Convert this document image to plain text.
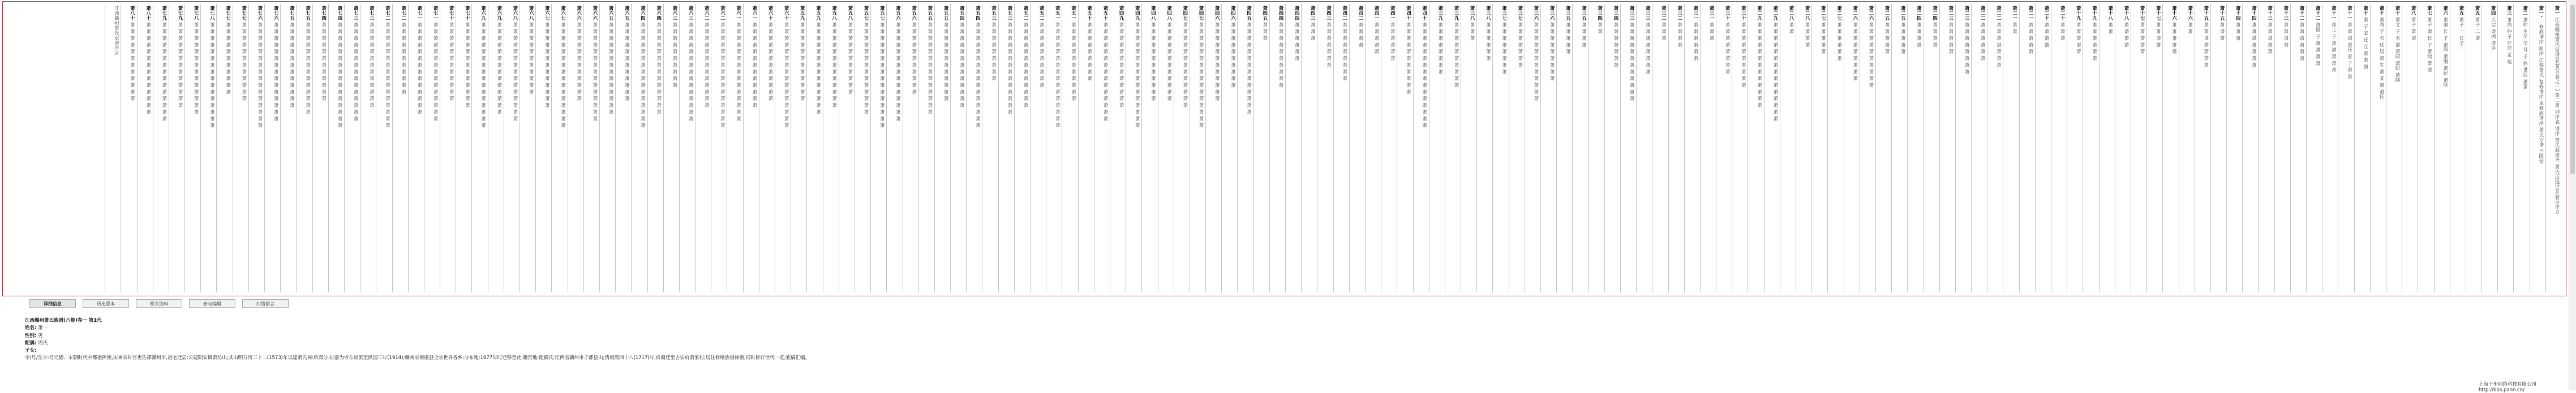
萧一 江西赣州萧氏家谱总卷(首卷之一)·第二册 列序表 谱序 萧氏源流考 萧氏迁徙世系卷首序言
萧一· 二修族谱序 原序 江都萧氏 复修谱序 重修族谱序 萧氏宗谱 兰陵堂
萧二 萧仲 生卒 字 号 子 孙 世居 萧家
萧三 萧周 仲子 迁居 某 地
萧四 大宗 谱例 谱序
萧五 萧子 二 谱
萧五 萧子 一 长子 ·
萧六 萧纲 长 子 萧绎 萧纲 萧纪 萧续
萧七 萧子 谱 长 子 萧续 萧 谱
萧八 萧子 萧 谱
萧十 萧文 子 名 谱 萧昭 萧纪 萧续
萧十 萧秀 字 名 迁 居 萧 生 萧 某 萧 萧氏
萧十 萧 子 家 迁 江 萧 萧 谱
萧十一 萧 萧 谱 萧氏 家 子 萧 萧
萧十一 萧士 子 萧 谱 萧 萧 萧
萧十二 萧谱 子 萧 萧 萧 萧
萧十二 萧 萧 谱 萧 萧 萧
萧十三 萧 萧 谱 萧
萧十三 萧 萧 谱 萧 萧
萧十四 萧 萧 谱 萧 萧 萧 萧
萧十四 萧 萧 萧
萧十五 萧 谱 萧
萧十五 萧 萧 谱 萧 萧 萧 萧
萧十六 萧 萧
萧十六 萧 萧 萧 萧 谱
萧十七 萧 萧 谱 萧
萧十七 萧 萧 萧 萧 萧
萧十八 萧 谱 萧 萧
萧十八 萧 萧
萧十九 萧 萧 萧 萧 萧 萧
萧十九 萧 萧 萧 谱 萧
萧二十 萧 萧 萧
萧二十 萧 萧 萧 谱
萧二一 萧 萧 萧 萧 萧
萧二一 萧 萧
萧二二 萧 萧 萧 谱 萧 萧 萧
萧二二 萧 萧 萧 萧 萧 萧
萧二三 萧 萧 萧 萧 萧 萧 萧 萧
萧二三 萧 萧 萧 萧 萧
萧二四 萧 萧 萧 萧
萧二四 萧 萧 萧 谱
萧二五 萧 萧 萧 萧 萧
萧二五 萧 萧 萧 萧 萧
萧二六 萧 萧 萧 萧 萧 萧 萧 萧 萧 萧
萧二六 萧 萧 萧 萧 萧 萧 萧 萧 萧
萧二七 萧 萧 萧 萧 萧 萧
萧二七 萧 萧 萧 萧 萧
萧二八 萧 萧 萧 萧
萧二八 萧 萧
萧二九 萧 萧 萧 萧 萧 萧 萧 萧 萧 萧 萧 萧 萧 萧 萧
萧二九 萧 萧 萧 萧 萧 萧 萧 萧 萧 萧 萧 萧 萧
萧三十 萧 萧 萧 萧 萧 萧 萧 萧 萧 萧
萧三十 萧 萧 萧 萧 萧 萧 萧 萧
萧三一 萧 萧 萧
萧三一 萧 萧 萧 萧 萧 萧
萧三二 萧 萧 萧 萧
萧三二 萧 萧 萧
萧三三 萧 萧 萧 萧 萧 萧 萧 萧
萧三三 萧 萧 萧 萧 萧 萧 萧 萧 萧 萧 萧 萧
萧三四 萧 萧 萧 萧 萧 萧 萧
萧三四 萧 萧
萧三五 萧 萧 萧 萧
萧三五 萧 萧 萧 萧 萧
萧三六 萧 萧 萧 萧 萧 萧 萧 萧 萧
萧三六 萧 萧 萧 萧 萧 萧 萧 萧 萧 萧 萧 萧
萧三七 萧 萧 萧 萧 萧 萧 萧
萧三七 萧 萧 萧 萧 萧 萧 萧 萧
萧三八 萧 萧 萧 萧 萧 萧
萧三八 萧 萧 萧
萧三九 萧 萧 萧 萧 萧 萧 萧 萧 萧 萧
萧三九 萧 萧 萧 萧 萧 萧 萧 萧
萧四十 萧 萧 萧 萧 萧 萧 萧 萧 萧 萧 萧 萧 萧 萧 萧 萧
萧四十 萧 萧 萧 萧 萧 萧 萧 萧 萧 萧 萧
萧四一 萧 萧 萧 萧 萧 萧
萧四一 萧 萧 萧 萧 萧
萧四二 萧 萧 萧 萧
萧四二 萧 萧 萧 萧 萧 萧 萧 萧 萧
萧四三 萧 萧 萧 萧 萧 萧 萧
萧四三 萧 萧 萧
萧四四 萧 萧 萧 萧 萧 萧
萧四四 萧 萧 萧 萧 萧 萧 萧 萧 萧 萧
萧四五 萧 萧 萧
萧四五 萧 萧 萧 萧 萧 萧 萧 萧 萧 萧 萧 萧 萧 萧
萧四六 萧 萧 萧 萧 萧 萧 萧 萧 萧 萧
萧四六 萧 萧 萧 萧 萧 萧 萧 萧 萧 萧 萧 萧
萧四七 萧 萧 萧 萧 萧 萧 萧 萧 萧 萧 萧 萧 萧 萧 萧 萧
萧四七 萧 萧 萧 萧 萧 萧 萧 萧 萧 萧 萧 萧 萧
萧四八 萧 萧 萧 萧 萧 萧 萧 萧 萧 萧 萧 萧
萧四八 萧 萧 萧 萧 萧 萧 萧 萧 萧 萧 萧 萧
萧四九 萧 萧 萧 萧 萧 萧 萧 萧 萧 萧 萧 萧 萧 萧 萧 萧
萧四九 萧 萧 萧 萧 萧 萧 萧 萧 萧 萧 萧 萧 萧
萧五十 萧 萧 萧 萧 萧 萧 萧 萧 萧 萧 萧 萧 萧 萧 萧
萧五十 萧 萧 萧 萧 萧 萧 萧 萧 萧
萧五一 萧 萧 萧 萧 萧 萧 萧 萧 萧 萧 萧 萧
萧五一 萧 萧 萧 萧 萧 萧 萧 萧 萧 萧 萧 萧 萧 萧 萧 萧
萧五二 萧 萧 萧 萧 萧 萧 萧 萧 萧 萧
萧五二 萧 萧 萧 萧 萧 萧 萧 萧 萧 萧 萧 萧 萧
萧五三 萧 萧 萧 萧 萧 萧 萧 萧 萧 萧 萧 萧 萧 萧
萧五三 萧 萧 萧 萧 萧 萧 萧 萧 萧
萧五四 萧 萧 萧 萧 萧 萧 萧 萧 萧 萧 萧 萧 萧 萧 萧 萧
萧五四 萧 萧 萧 萧 萧 萧 萧 萧 萧 萧 萧 萧 萧
萧五五 萧 萧 萧 萧 萧 萧 萧 萧 萧 萧 萧 萧
萧五五 萧 萧 萧 萧 萧 萧 萧 萧 萧 萧 萧 萧 萧 萧
萧五六 萧 萧 萧 萧 萧 萧 萧 萧 萧 萧 萧
萧五六 萧 萧 萧 萧 萧 萧 萧 萧 萧 萧 萧 萧 萧 萧 萧
萧五七 萧 萧 萧 萧 萧 萧 萧 萧 萧 萧 萧 萧 萧 萧 萧 萧
萧五七 萧 萧 萧 萧 萧 萧 萧 萧 萧 萧 萧 萧 萧 萧
萧五八 萧 萧 萧 萧 萧 萧 萧 萧 萧 萧 萧
萧五八 萧 萧 萧 萧 萧 萧 萧 萧 萧 萧 萧 萧 萧
萧五九 萧 萧 萧 萧 萧 萧 萧 萧 萧 萧 萧 萧 萧 萧
萧五九 萧 萧 萧 萧 萧 萧 萧 萧 萧 萧 萧 萧
萧六十 萧 萧 萧 萧 萧 萧 萧 萧 萧 萧 萧 萧 萧 萧 萧 萧
萧六十 萧 萧 萧 萧 萧 萧 萧 萧 萧 萧 萧 萧
萧六一 萧 萧 萧 萧 萧 萧 萧 萧 萧 萧 萧 萧 萧
萧六一 萧 萧 萧 萧 萧 萧 萧 萧 萧 萧 萧 萧 萧 萧 萧
萧六二 萧 萧 萧 萧 萧 萧 萧 萧 萧 萧 萧 萧 萧 萧 萧 萧
萧六二 萧 萧 萧 萧 萧 萧 萧 萧 萧 萧 萧 萧 萧
萧六三 萧 萧 萧 萧 萧 萧 萧 萧 萧 萧 萧 萧 萧 萧 萧
萧六三 萧 萧 萧 萧 萧 萧 萧 萧 萧 萧
萧六四 萧 萧 萧 萧 萧 萧 萧 萧 萧 萧 萧 萧 萧 萧
萧六四 萧 萧 萧 萧 萧 萧 萧 萧 萧 萧 萧 萧 萧 萧 萧 萧
萧六五 萧 萧 萧 萧 萧 萧 萧 萧 萧 萧 萧 萧
萧六五 萧 萧 萧 萧 萧 萧 萧 萧 萧 萧 萧 萧 萧 萧
萧六六 萧 萧 萧 萧 萧 萧 萧 萧 萧 萧 萧 萧 萧 萧 萧
萧六六 萧 萧 萧 萧 萧 萧 萧 萧 萧 萧 萧 萧
萧六七 萧 萧 萧 萧 萧 萧 萧 萧 萧 萧 萧 萧 萧 萧 萧 萧
萧六七 萧 萧 萧 萧 萧 萧 萧 萧 萧 萧 萧 萧 萧
萧六八 萧 萧 萧 萧 萧 萧 萧 萧 萧 萧 萧
萧六八 萧 萧 萧 萧 萧 萧 萧 萧 萧 萧 萧 萧 萧 萧 萧
萧六九 萧 萧 萧 萧 萧 萧 萧 萧 萧 萧 萧 萧 萧 萧
萧六九 萧 萧 萧 萧 萧 萧 萧 萧 萧 萧 萧 萧 萧 萧 萧 萧
萧七十 萧 萧 萧 萧 萧 萧 萧 萧 萧 萧 萧 萧 萧
萧七十 萧 萧 萧 萧 萧 萧 萧 萧 萧 萧 萧 萧
萧七一 萧 萧 萧 萧 萧 萧 萧 萧 萧 萧 萧 萧 萧 萧 萧
萧七一 萧 萧 萧 萧 萧 萧 萧 萧 萧 萧 萧 萧 萧 萧
萧七二 萧 萧 萧 萧 萧 萧 萧 萧 萧 萧 萧
萧七二 萧 萧 萧 萧 萧 萧 萧 萧 萧 萧 萧 萧 萧 萧 萧 萧
萧七三 萧 萧 萧 萧 萧 萧 萧 萧 萧 萧 萧 萧 萧
萧七三 萧 萧 萧 萧 萧 萧 萧 萧 萧 萧 萧 萧 萧 萧 萧
萧七四 萧 萧 萧 萧 萧 萧 萧 萧 萧 萧 萧 萧 萧 萧 萧 萧
萧七四 萧 萧 萧 萧 萧 萧 萧 萧 萧 萧 萧 萧
萧七五 萧 萧 萧 萧 萧 萧 萧 萧 萧 萧 萧 萧 萧 萧
萧七五 萧 萧 萧 萧 萧 萧 萧 萧 萧 萧 萧 萧 萧
萧七六 萧 萧 萧 萧 萧 萧 萧 萧 萧 萧 萧 萧 萧 萧 萧
萧七六 萧 萧 萧 萧 萧 萧 萧 萧 萧 萧 萧 萧 萧 萧 萧 萧
萧七七 萧 萧 萧 萧 萧 萧 萧 萧 萧 萧 萧 萧
萧七七 萧 萧 萧 萧 萧 萧 萧 萧 萧 萧 萧
萧七八 萧 萧 萧 萧 萧 萧 萧 萧 萧 萧 萧 萧 萧 萧 萧 萧
萧七八 萧 萧 萧 萧 萧 萧 萧 萧 萧 萧 萧 萧 萧 萧
萧七九 萧 萧 萧 萧 萧 萧 萧 萧 萧 萧 萧 萧 萧
萧七九 萧 萧 萧 萧 萧 萧 萧 萧 萧 萧 萧 萧 萧 萧 萧
萧八十 萧 萧 萧 萧 萧 萧 萧 萧 萧 萧 萧 萧 萧 萧
萧八十 萧 萧 萧 萧 萧 萧 萧 萧 萧 萧 萧 萧
江西赣州萧氏家谱序言
详细信息	历史版本	相关资料	参与编辑	纠错留言
江西赣州萧氏族谱(六修)卷一 第1代
姓名: 萧一
性别: 男
配偶: 周氏
子女:
字/号/生卒:号元德、宋朝时代中都指挥使,宋神宗时官吏佐郡赣州市,祖宅迁居:公建阳安镇萧坊山;其山明万历三十二(1573)年以建萧氏祠:后裔分支:嘉为寺东房派至民国三年(1914);赣州府南康县全宗世界各乡:分布地:1977年时迁移至此,籍贯地:配偶氏:江西省赣州市于都县山;清康熙四十八(1717)年,后裔迁至吉安府萧家村;居住修缮族谱族谱;同时修订世代一览;底稿汇编。
上海千里网络科技有限公司 http://bbs.pann.cn/
